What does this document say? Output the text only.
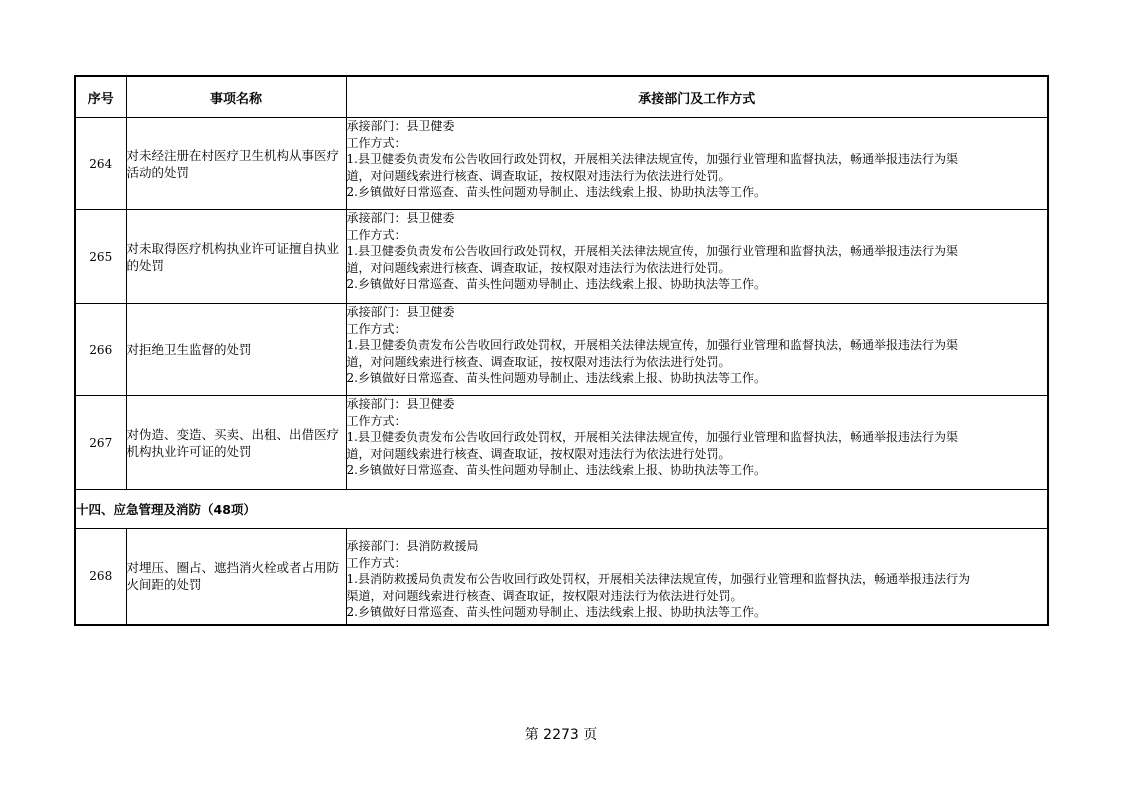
序号	事项名称	承接部门及工作方式
264	对未经注册在村医疗卫生机构从事医疗活动的处罚	承接部门：县卫健委
工作方式：
1.县卫健委负责发布公告收回行政处罚权，开展相关法律法规宣传，加强行业管理和监督执法，畅通举报违法行为渠
道，对问题线索进行核查、调查取证，按权限对违法行为依法进行处罚。
2.乡镇做好日常巡查、苗头性问题劝导制止、违法线索上报、协助执法等工作。

265	对未取得医疗机构执业许可证擅自执业的处罚	承接部门：县卫健委
工作方式：
1.县卫健委负责发布公告收回行政处罚权，开展相关法律法规宣传，加强行业管理和监督执法，畅通举报违法行为渠
道，对问题线索进行核查、调查取证，按权限对违法行为依法进行处罚。
2.乡镇做好日常巡查、苗头性问题劝导制止、违法线索上报、协助执法等工作。

266	对拒绝卫生监督的处罚	承接部门：县卫健委
工作方式：
1.县卫健委负责发布公告收回行政处罚权，开展相关法律法规宣传，加强行业管理和监督执法，畅通举报违法行为渠
道，对问题线索进行核查、调查取证，按权限对违法行为依法进行处罚。
2.乡镇做好日常巡查、苗头性问题劝导制止、违法线索上报、协助执法等工作。

267	对伪造、变造、买卖、出租、出借医疗机构执业许可证的处罚	承接部门：县卫健委
工作方式：
1.县卫健委负责发布公告收回行政处罚权，开展相关法律法规宣传，加强行业管理和监督执法，畅通举报违法行为渠
道，对问题线索进行核查、调查取证，按权限对违法行为依法进行处罚。
2.乡镇做好日常巡查、苗头性问题劝导制止、违法线索上报、协助执法等工作。

十四、应急管理及消防（48项）		
268	对埋压、圈占、遮挡消火栓或者占用防火间距的处罚	承接部门：县消防救援局
工作方式：
1.县消防救援局负责发布公告收回行政处罚权，开展相关法律法规宣传，加强行业管理和监督执法，畅通举报违法行为
渠道，对问题线索进行核查、调查取证，按权限对违法行为依法进行处罚。
2.乡镇做好日常巡查、苗头性问题劝导制止、违法线索上报、协助执法等工作。
第 2273 页
